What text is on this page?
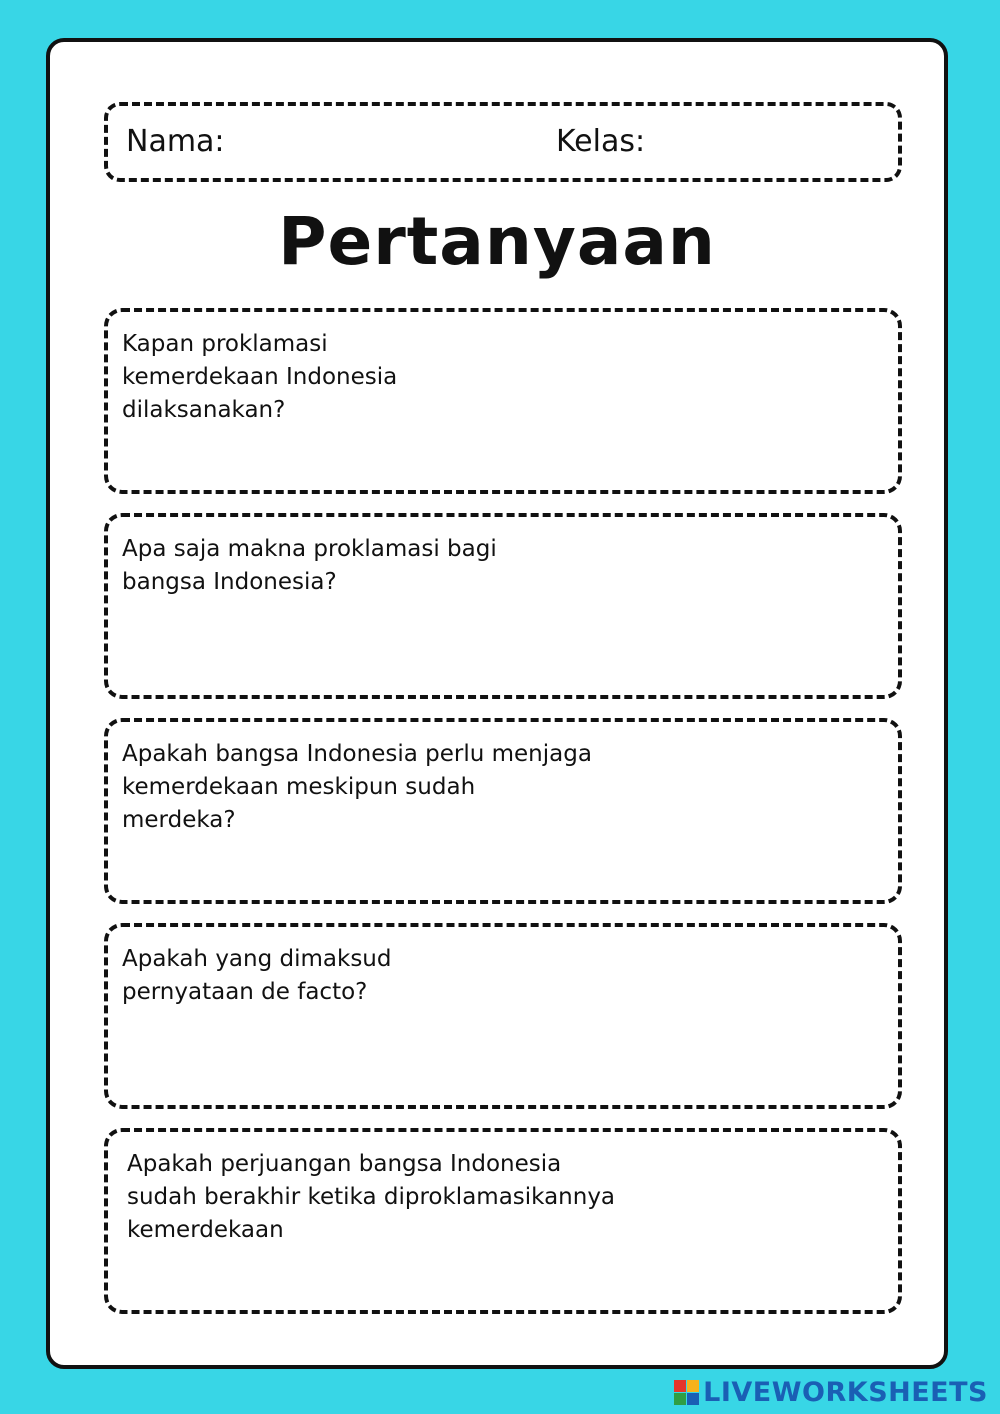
Nama:	Kelas:
Pertanyaan
Kapan proklamasi
kemerdekaan Indonesia
dilaksanakan?
Apa saja makna proklamasi bagi
bangsa Indonesia?
Apakah bangsa Indonesia perlu menjaga
kemerdekaan meskipun sudah
merdeka?
Apakah yang dimaksud
pernyataan de facto?
Apakah perjuangan bangsa Indonesia
sudah berakhir ketika diproklamasikannya
kemerdekaan
LIVEWORKSHEETS
